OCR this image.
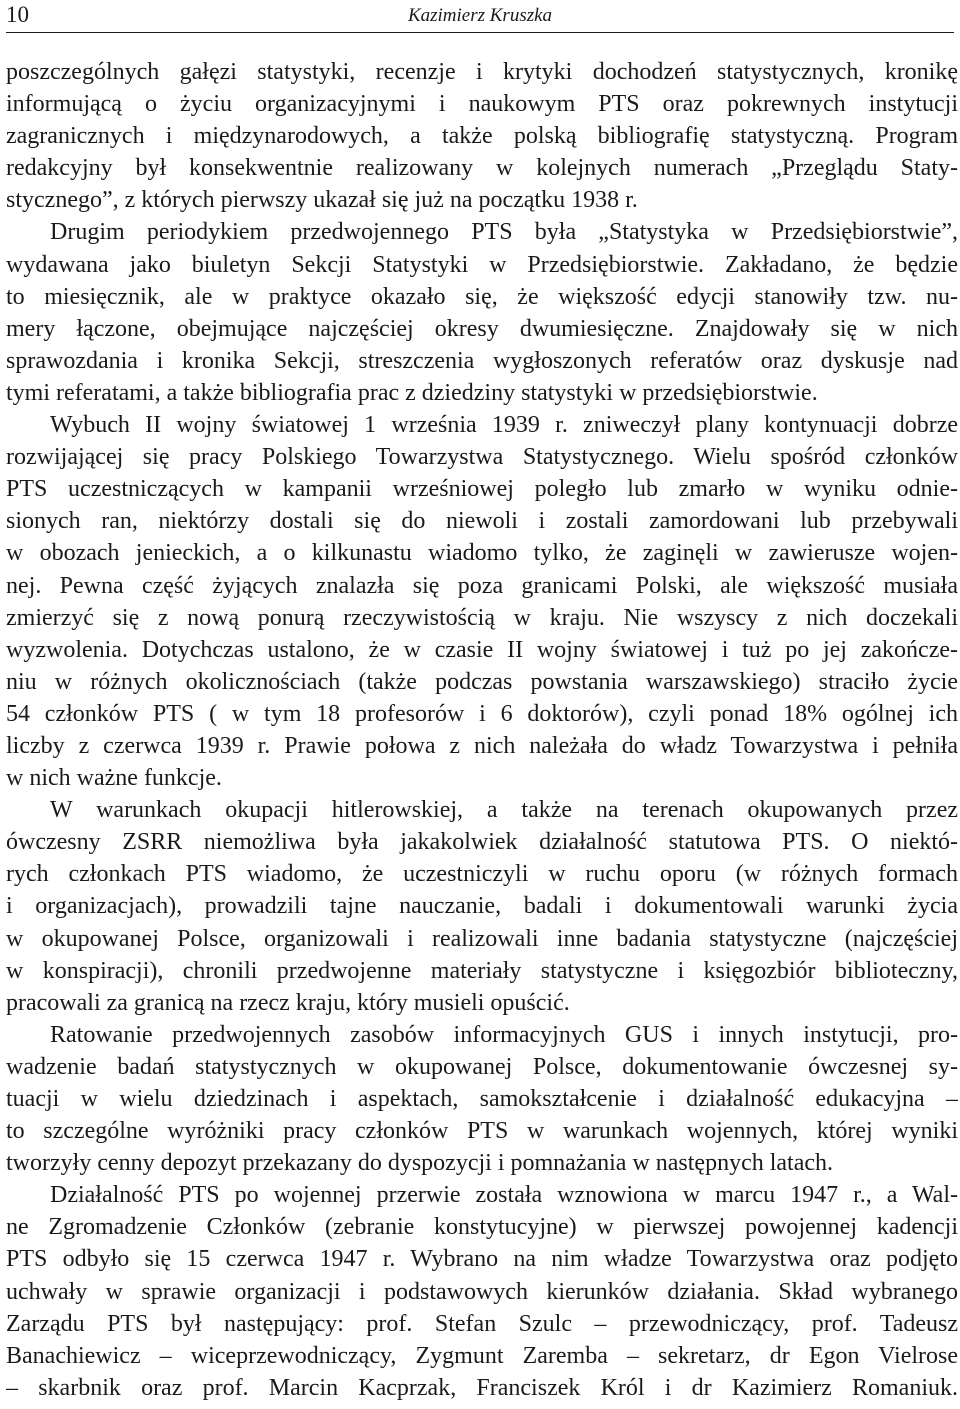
10	Kazimierz Kruszka
poszczególnych gałęzi statystyki, recenzje i krytyki dochodzeń statystycznych, kronikę
informującą o życiu organizacyjnymi i naukowym PTS oraz pokrewnych instytucji
zagranicznych i międzynarodowych, a także polską bibliografię statystyczną. Program
redakcyjny był konsekwentnie realizowany w kolejnych numerach „Przeglądu Staty-
stycznego”, z których pierwszy ukazał się już na początku 1938 r.
Drugim periodykiem przedwojennego PTS była „Statystyka w Przedsiębiorstwie”,
wydawana jako biuletyn Sekcji Statystyki w Przedsiębiorstwie. Zakładano, że będzie
to miesięcznik, ale w praktyce okazało się, że większość edycji stanowiły tzw. nu-
mery łączone, obejmujące najczęściej okresy dwumiesięczne. Znajdowały się w nich
sprawozdania i kronika Sekcji, streszczenia wygłoszonych referatów oraz dyskusje nad
tymi referatami, a także bibliografia prac z dziedziny statystyki w przedsiębiorstwie.
Wybuch II wojny światowej 1 września 1939 r. zniweczył plany kontynuacji dobrze
rozwijającej się pracy Polskiego Towarzystwa Statystycznego. Wielu spośród członków
PTS uczestniczących w kampanii wrześniowej poległo lub zmarło w wyniku odnie-
sionych ran, niektórzy dostali się do niewoli i zostali zamordowani lub przebywali
w obozach jenieckich, a o kilkunastu wiadomo tylko, że zaginęli w zawierusze wojen-
nej. Pewna część żyjących znalazła się poza granicami Polski, ale większość musiała
zmierzyć się z nową ponurą rzeczywistością w kraju. Nie wszyscy z nich doczekali
wyzwolenia. Dotychczas ustalono, że w czasie II wojny światowej i tuż po jej zakończe-
niu w różnych okolicznościach (także podczas powstania warszawskiego) straciło życie
54 członków PTS ( w tym 18 profesorów i 6 doktorów), czyli ponad 18% ogólnej ich
liczby z czerwca 1939 r. Prawie połowa z nich należała do władz Towarzystwa i pełniła
w nich ważne funkcje.
W warunkach okupacji hitlerowskiej, a także na terenach okupowanych przez
ówczesny ZSRR niemożliwa była jakakolwiek działalność statutowa PTS. O niektó-
rych członkach PTS wiadomo, że uczestniczyli w ruchu oporu (w różnych formach
i organizacjach), prowadzili tajne nauczanie, badali i dokumentowali warunki życia
w okupowanej Polsce, organizowali i realizowali inne badania statystyczne (najczęściej
w konspiracji), chronili przedwojenne materiały statystyczne i księgozbiór biblioteczny,
pracowali za granicą na rzecz kraju, który musieli opuścić.
Ratowanie przedwojennych zasobów informacyjnych GUS i innych instytucji, pro-
wadzenie badań statystycznych w okupowanej Polsce, dokumentowanie ówczesnej sy-
tuacji w wielu dziedzinach i aspektach, samokształcenie i działalność edukacyjna –
to szczególne wyróżniki pracy członków PTS w warunkach wojennych, której wyniki
tworzyły cenny depozyt przekazany do dyspozycji i pomnażania w następnych latach.
Działalność PTS po wojennej przerwie została wznowiona w marcu 1947 r., a Wal-
ne Zgromadzenie Członków (zebranie konstytucyjne) w pierwszej powojennej kadencji
PTS odbyło się 15 czerwca 1947 r. Wybrano na nim władze Towarzystwa oraz podjęto
uchwały w sprawie organizacji i podstawowych kierunków działania. Skład wybranego
Zarządu PTS był następujący: prof. Stefan Szulc – przewodniczący, prof. Tadeusz
Banachiewicz – wiceprzewodniczący, Zygmunt Zaremba – sekretarz, dr Egon Vielrose
– skarbnik oraz prof. Marcin Kacprzak, Franciszek Król i dr Kazimierz Romaniuk.
